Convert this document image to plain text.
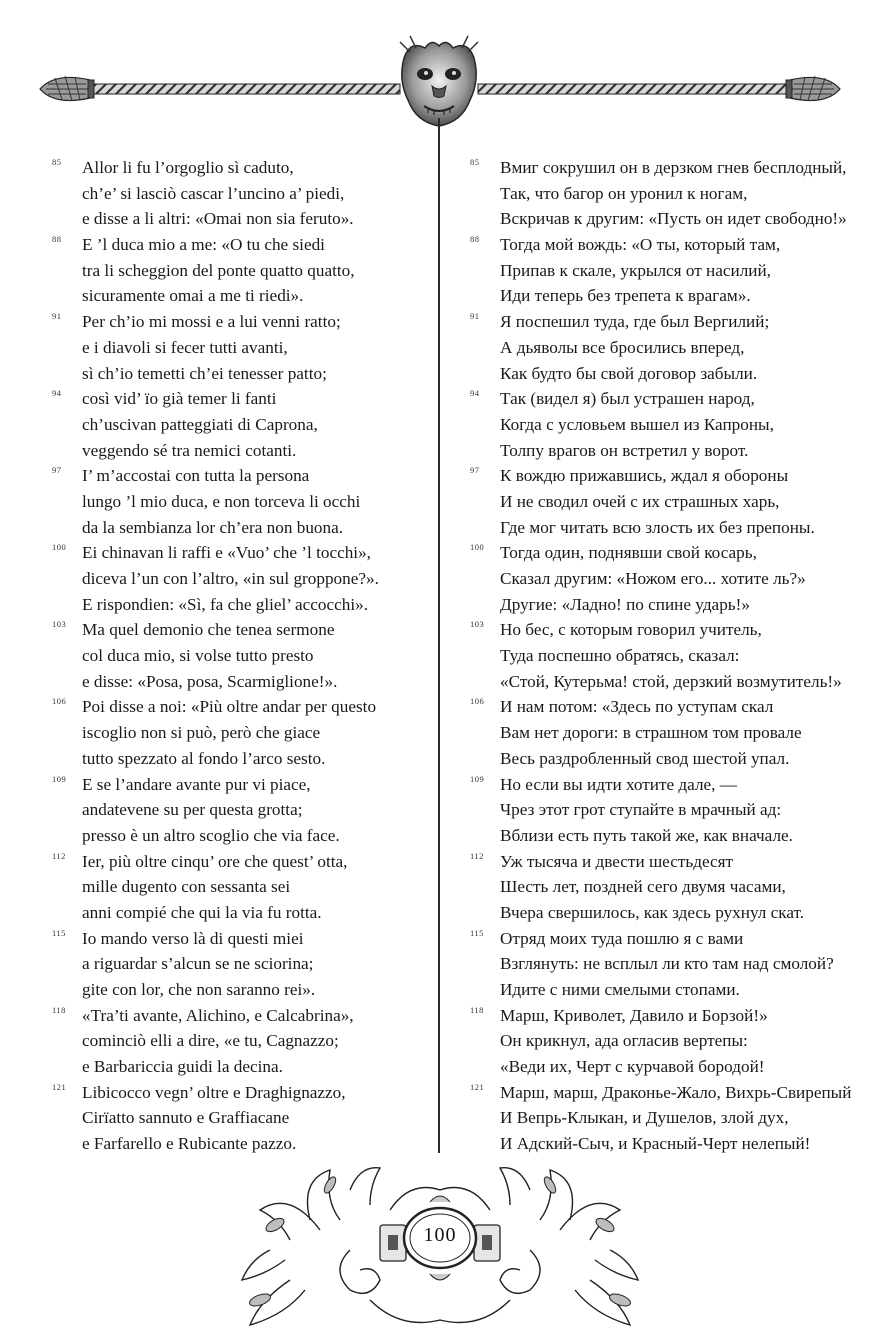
85 Allor li fu l’orgoglio sì caduto,
ch’e’ si lasciò cascar l’uncino a’ piedi,
e disse a li altri: «Omai non sia feruto».
88 E ’l duca mio a me: «O tu che siedi
tra li scheggion del ponte quatto quatto,
sicuramente omai a me ti riedi».
91 Per ch’io mi mossi e a lui venni ratto;
e i diavoli si fecer tutti avanti,
sì ch’io temetti ch’ei tenesser patto;
94 così vid’ ïo già temer li fanti
ch’uscivan patteggiati di Caprona,
veggendo sé tra nemici cotanti.
97 I’ m’accostai con tutta la persona
lungo ’l mio duca, e non torceva li occhi
da la sembianza lor ch’era non buona.
100 Ei chinavan li raffi e «Vuo’ che ’l tocchi»,
diceva l’un con l’altro, «in sul groppone?».
E rispondien: «Sì, fa che gliel’ accocchi».
103 Ma quel demonio che tenea sermone
col duca mio, si volse tutto presto
e disse: «Posa, posa, Scarmiglione!».
106 Poi disse a noi: «Più oltre andar per questo
iscoglio non si può, però che giace
tutto spezzato al fondo l’arco sesto.
109 E se l’andare avante pur vi piace,
andatevene su per questa grotta;
presso è un altro scoglio che via face.
112 Ier, più oltre cinqu’ ore che quest’ otta,
mille dugento con sessanta sei
anni compié che qui la via fu rotta.
115 Io mando verso là di questi miei
a riguardar s’alcun se ne sciorina;
gite con lor, che non saranno rei».
118 «Tra’ti avante, Alichino, e Calcabrina»,
cominciò elli a dire, «e tu, Cagnazzo;
e Barbariccia guidi la decina.
121 Libicocco vegn’ oltre e Draghignazzo,
Cirïatto sannuto e Graffiacane
e Farfarello e Rubicante pazzo.
85 Вмиг сокрушил он в дерзком гнев бесплодный,
Так, что багор он уронил к ногам,
Вскричав к другим: «Пусть он идет свободно!»
88 Тогда мой вождь: «О ты, который там,
Припав к скале, укрылся от насилий,
Иди теперь без трепета к врагам».
91 Я поспешил туда, где был Вергилий;
А дьяволы все бросились вперед,
Как будто бы свой договор забыли.
94 Так (видел я) был устрашен народ,
Когда с условьем вышел из Капроны,
Толпу врагов он встретил у ворот.
97 К вождю прижавшись, ждал я обороны
И не сводил очей с их страшных харь,
Где мог читать всю злость их без препоны.
100 Тогда один, поднявши свой косарь,
Сказал другим: «Ножом его... хотите ль?»
Другие: «Ладно! по спине ударь!»
103 Но бес, с которым говорил учитель,
Туда поспешно обратясь, сказал:
«Стой, Кутерьма! стой, дерзкий возмутитель!»
106 И нам потом: «Здесь по уступам скал
Вам нет дороги: в страшном том провале
Весь раздробленный свод шестой упал.
109 Но если вы идти хотите дале, —
Чрез этот грот ступайте в мрачный ад:
Вблизи есть путь такой же, как вначале.
112 Уж тысяча и двести шестьдесят
Шесть лет, поздней сего двумя часами,
Вчера свершилось, как здесь рухнул скат.
115 Отряд моих туда пошлю я с вами
Взглянуть: не всплыл ли кто там над смолой?
Идите с ними смелыми стопами.
118 Марш, Криволет, Давило и Борзой!»
Он крикнул, ада огласив вертепы:
«Веди их, Черт с курчавой бородой!
121 Марш, марш, Драконье-Жало, Вихрь-Свирепый
И Вепрь-Клыкан, и Душелов, злой дух,
И Адский-Сыч, и Красный-Черт нелепый!
100
